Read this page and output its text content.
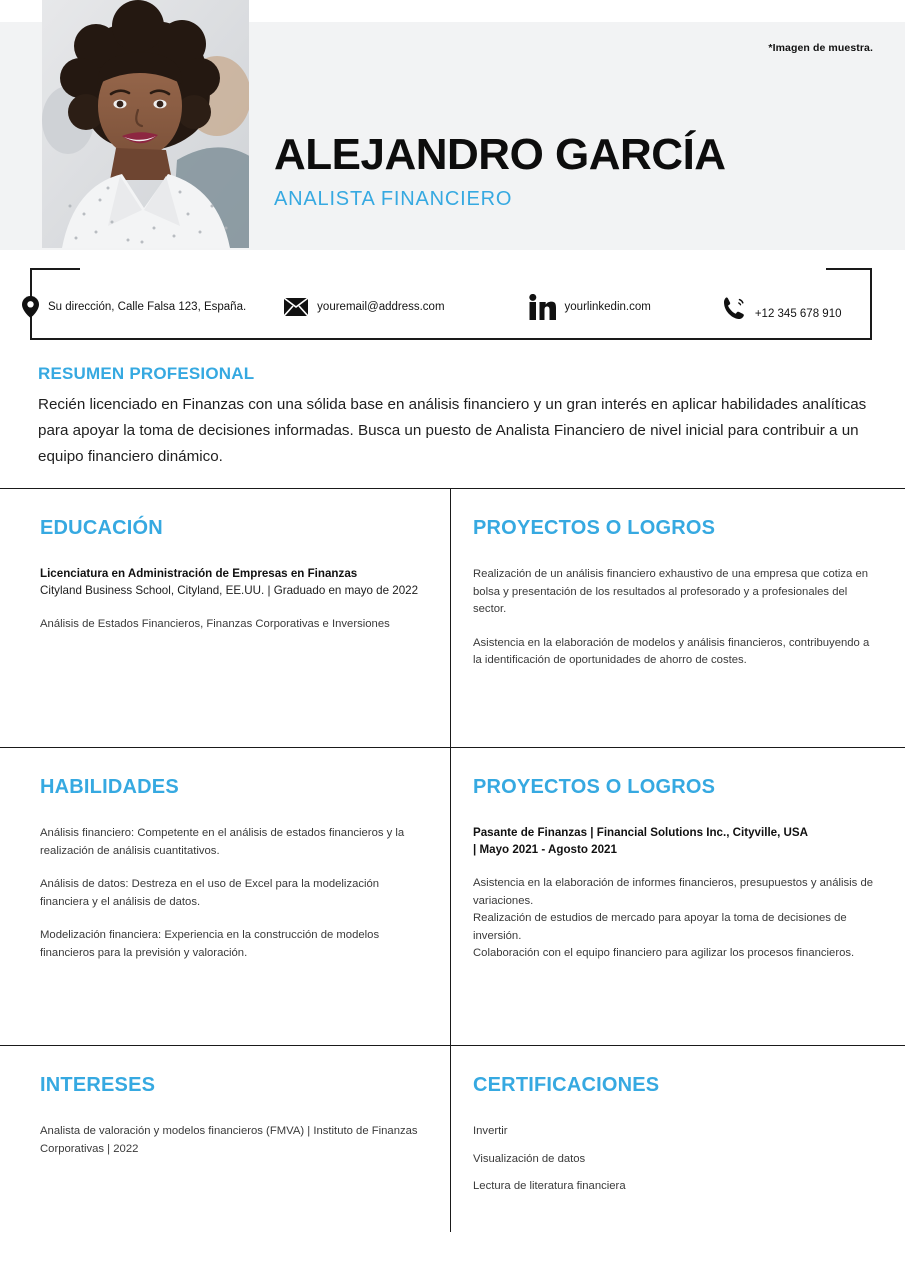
*Imagen de muestra.
ALEJANDRO GARCÍA
ANALISTA FINANCIERO
Su dirección, Calle Falsa 123, España.	youremail@address.com	yourlinkedin.com
+12 345 678 910
RESUMEN PROFESIONAL
Recién licenciado en Finanzas con una sólida base en análisis financiero y un gran interés en aplicar habilidades analíticas para apoyar la toma de decisiones informadas. Busca un puesto de Analista Financiero de nivel inicial para contribuir a un equipo financiero dinámico.
EDUCACIÓN
Licenciatura en Administración de Empresas en Finanzas
Cityland Business School, Cityland, EE.UU. | Graduado en mayo de 2022
Análisis de Estados Financieros, Finanzas Corporativas e Inversiones
PROYECTOS O LOGROS
Realización de un análisis financiero exhaustivo de una empresa que cotiza en bolsa y presentación de los resultados al profesorado y a profesionales del sector.
Asistencia en la elaboración de modelos y análisis financieros, contribuyendo a la identificación de oportunidades de ahorro de costes.
HABILIDADES
Análisis financiero: Competente en el análisis de estados financieros y la realización de análisis cuantitativos.
Análisis de datos: Destreza en el uso de Excel para la modelización financiera y el análisis de datos.
Modelización financiera: Experiencia en la construcción de modelos financieros para la previsión y valoración.
PROYECTOS O LOGROS
Pasante de Finanzas | Financial Solutions Inc., Cityville, USA
| Mayo 2021 - Agosto 2021
Asistencia en la elaboración de informes financieros, presupuestos y análisis de variaciones.
Realización de estudios de mercado para apoyar la toma de decisiones de inversión.
Colaboración con el equipo financiero para agilizar los procesos financieros.
INTERESES
Analista de valoración y modelos financieros (FMVA) | Instituto de Finanzas Corporativas | 2022
CERTIFICACIONES
Invertir
Visualización de datos
Lectura de literatura financiera
